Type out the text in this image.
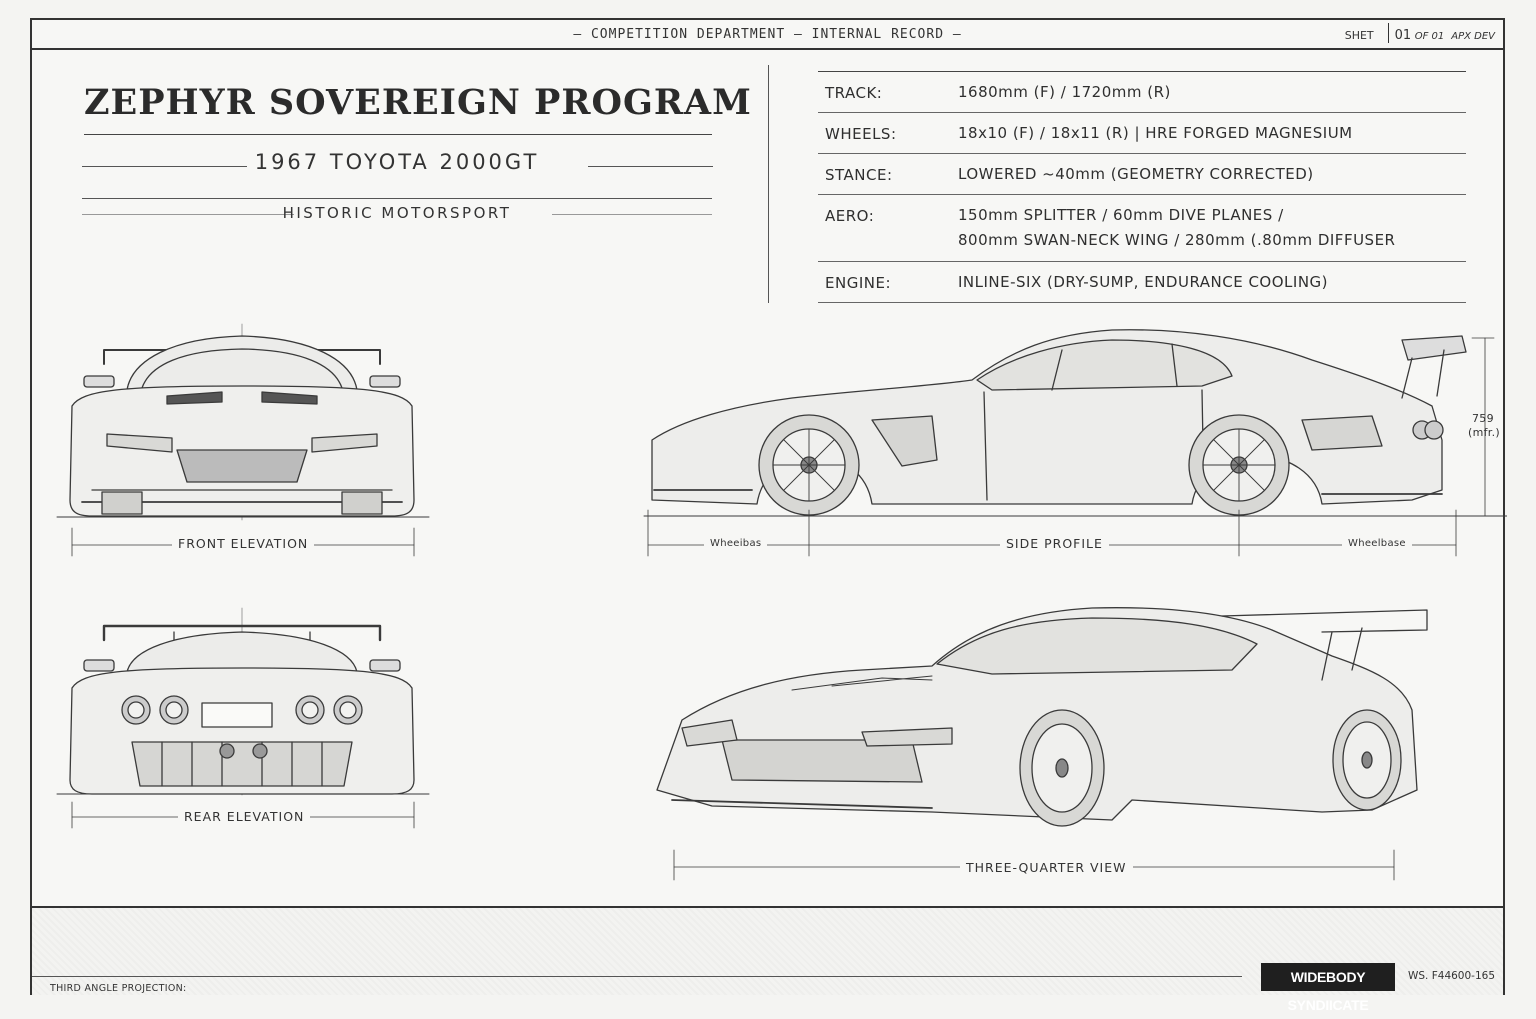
— COMPETITION DEPARTMENT — INTERNAL RECORD —	SHET 01 OF 01 APX DEV
ZEPHYR SOVEREIGN PROGRAM
1967 TOYOTA 2000GT
HISTORIC MOTORSPORT
TRACK:	1680mm (F) / 1720mm (R)
WHEELS:	18x10 (F) / 18x11 (R) | HRE FORGED MAGNESIUM
STANCE:	LOWERED ~40mm (GEOMETRY CORRECTED)
AERO:	150mm SPLITTER / 60mm DIVE PLANES /
800mm SWAN-NECK WING / 280mm (.80mm DIFFUSER
ENGINE:	INLINE-SIX (DRY-SUMP, ENDURANCE COOLING)
FRONT ELEVATION
REAR ELEVATION
SIDE PROFILE
Wheeibas	Wheelbase
759
(mfr.)
THREE-QUARTER VIEW
THIRD ANGLE PROJECTION:
WIDEBODY SYNDIICATE
WS. F44600-165
